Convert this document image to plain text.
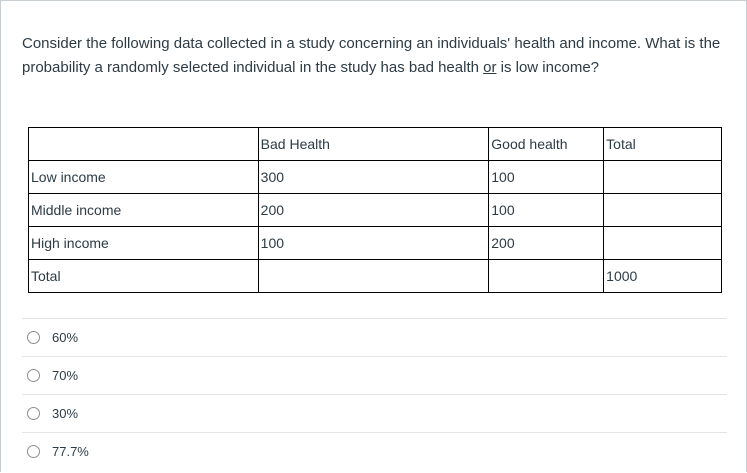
Consider the following data collected in a study concerning an individuals' health and income. What is the probability a randomly selected individual in the study has bad health or is low income?
	Bad Health	Good health	Total
Low income	300	100	
Middle income	200	100	
High income	100	200	
Total			1000
60%
70%
30%
77.7%
